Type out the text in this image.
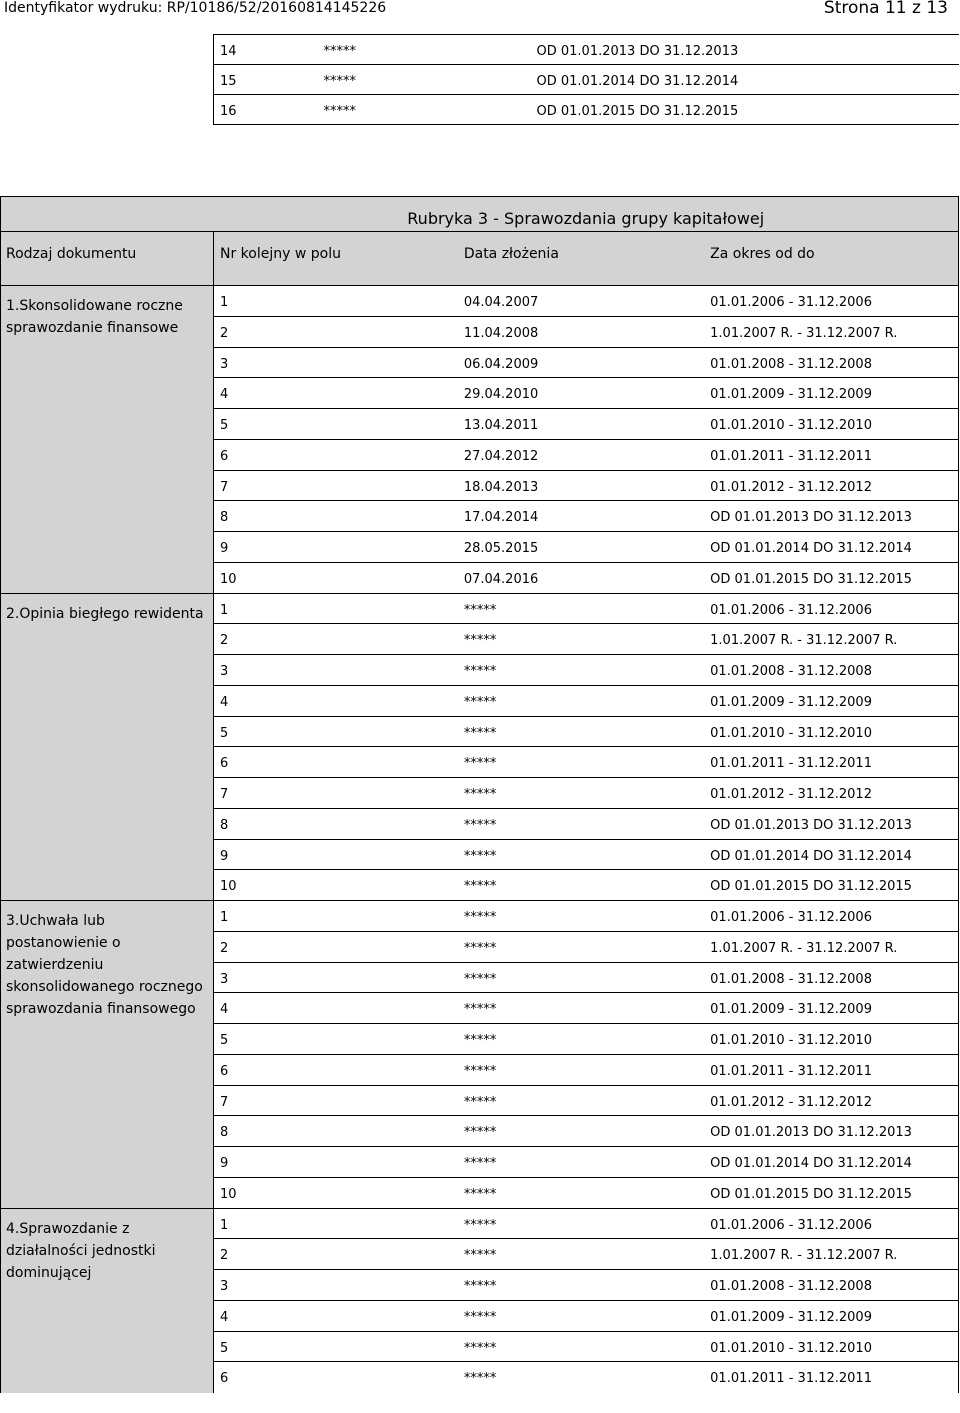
Identyfikator wydruku: RP/10186/52/20160814145226	Strona 11 z 13
14	*****	OD 01.01.2013 DO 31.12.2013
15	*****	OD 01.01.2014 DO 31.12.2014
16	*****	OD 01.01.2015 DO 31.12.2015
	Rubryka 3 - Sprawozdania grupy kapitałowej		
Rodzaj dokumentu	Nr kolejny w polu	Data złożenia	Za okres od do
1.Skonsolidowane roczne sprawozdanie finansowe	1	04.04.2007	01.01.2006 - 31.12.2006
	2	11.04.2008	1.01.2007 R. - 31.12.2007 R.
	3	06.04.2009	01.01.2008 - 31.12.2008
	4	29.04.2010	01.01.2009 - 31.12.2009
	5	13.04.2011	01.01.2010 - 31.12.2010
	6	27.04.2012	01.01.2011 - 31.12.2011
	7	18.04.2013	01.01.2012 - 31.12.2012
	8	17.04.2014	OD 01.01.2013 DO 31.12.2013
	9	28.05.2015	OD 01.01.2014 DO 31.12.2014
	10	07.04.2016	OD 01.01.2015 DO 31.12.2015
2.Opinia biegłego rewidenta	1	*****	01.01.2006 - 31.12.2006
	2	*****	1.01.2007 R. - 31.12.2007 R.
	3	*****	01.01.2008 - 31.12.2008
	4	*****	01.01.2009 - 31.12.2009
	5	*****	01.01.2010 - 31.12.2010
	6	*****	01.01.2011 - 31.12.2011
	7	*****	01.01.2012 - 31.12.2012
	8	*****	OD 01.01.2013 DO 31.12.2013
	9	*****	OD 01.01.2014 DO 31.12.2014
	10	*****	OD 01.01.2015 DO 31.12.2015
3.Uchwała lub postanowienie o zatwierdzeniu skonsolidowanego rocznego sprawozdania finansowego	1	*****	01.01.2006 - 31.12.2006
	2	*****	1.01.2007 R. - 31.12.2007 R.
	3	*****	01.01.2008 - 31.12.2008
	4	*****	01.01.2009 - 31.12.2009
	5	*****	01.01.2010 - 31.12.2010
	6	*****	01.01.2011 - 31.12.2011
	7	*****	01.01.2012 - 31.12.2012
	8	*****	OD 01.01.2013 DO 31.12.2013
	9	*****	OD 01.01.2014 DO 31.12.2014
	10	*****	OD 01.01.2015 DO 31.12.2015
4.Sprawozdanie z działalności jednostki dominującej	1	*****	01.01.2006 - 31.12.2006
	2	*****	1.01.2007 R. - 31.12.2007 R.
	3	*****	01.01.2008 - 31.12.2008
	4	*****	01.01.2009 - 31.12.2009
	5	*****	01.01.2010 - 31.12.2010
	6	*****	01.01.2011 - 31.12.2011
